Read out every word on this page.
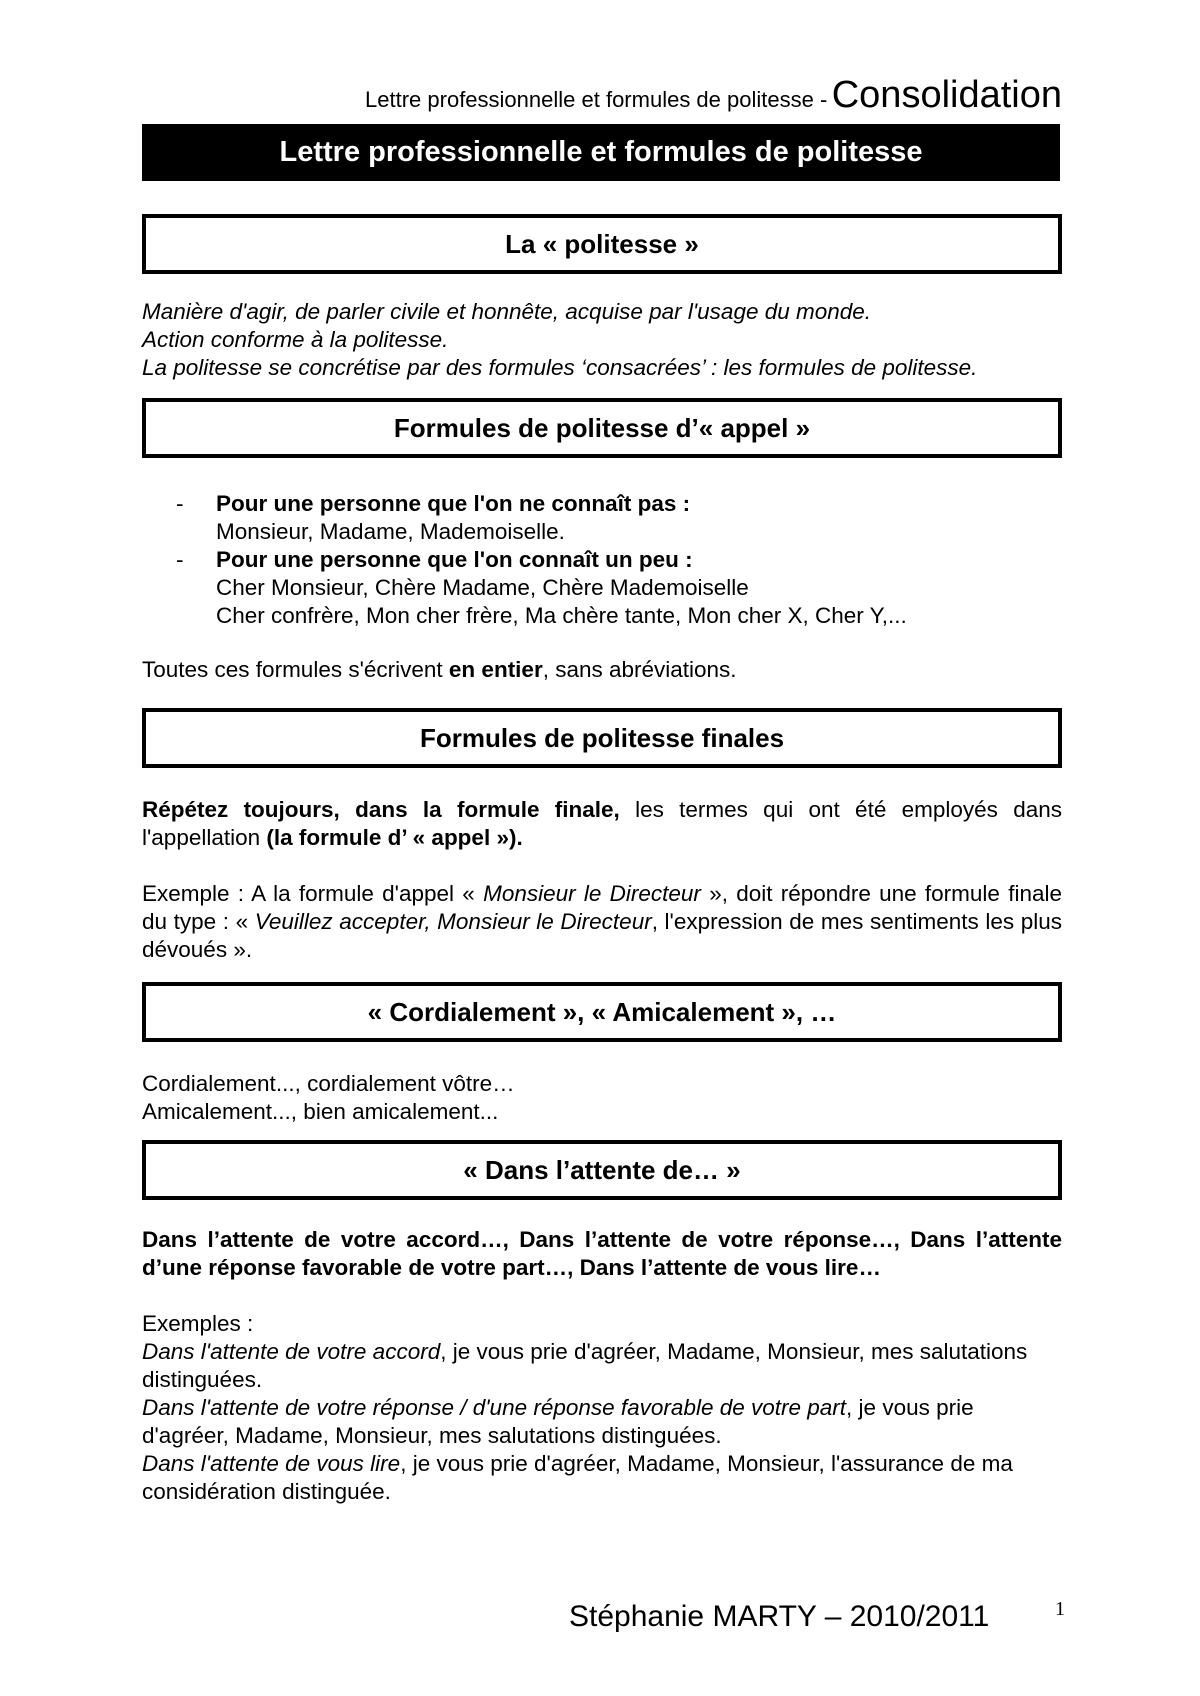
Lettre professionnelle et formules de politesse - Consolidation
Lettre professionnelle et formules de politesse
La « politesse »
Manière d'agir, de parler civile et honnête, acquise par l'usage du monde.
Action conforme à la politesse.
La politesse se concrétise par des formules ‘consacrées’ : les formules de politesse.
Formules de politesse d’« appel »
- Pour une personne que l'on ne connaît pas :
Monsieur, Madame, Mademoiselle.
- Pour une personne que l'on connaît un peu :
Cher Monsieur, Chère Madame, Chère Mademoiselle
Cher confrère, Mon cher frère, Ma chère tante, Mon cher X, Cher Y,...
Toutes ces formules s'écrivent en entier, sans abréviations.
Formules de politesse finales
Répétez toujours, dans la formule finale, les termes qui ont été employés dans l'appellation (la formule d’ « appel »).
Exemple : A la formule d'appel « Monsieur le Directeur », doit répondre une formule finale du type : « Veuillez accepter, Monsieur le Directeur, l'expression de mes sentiments les plus dévoués ».
« Cordialement », « Amicalement », …
Cordialement..., cordialement vôtre…
Amicalement..., bien amicalement...
« Dans l’attente de… »
Dans l’attente de votre accord…, Dans l’attente de votre réponse…, Dans l’attente d’une réponse favorable de votre part…, Dans l’attente de vous lire…
Exemples :
Dans l'attente de votre accord, je vous prie d'agréer, Madame, Monsieur, mes salutations distinguées.
Dans l'attente de votre réponse / d'une réponse favorable de votre part, je vous prie d'agréer, Madame, Monsieur, mes salutations distinguées.
Dans l'attente de vous lire, je vous prie d'agréer, Madame, Monsieur, l'assurance de ma considération distinguée.
Stéphanie MARTY – 2010/2011	1
